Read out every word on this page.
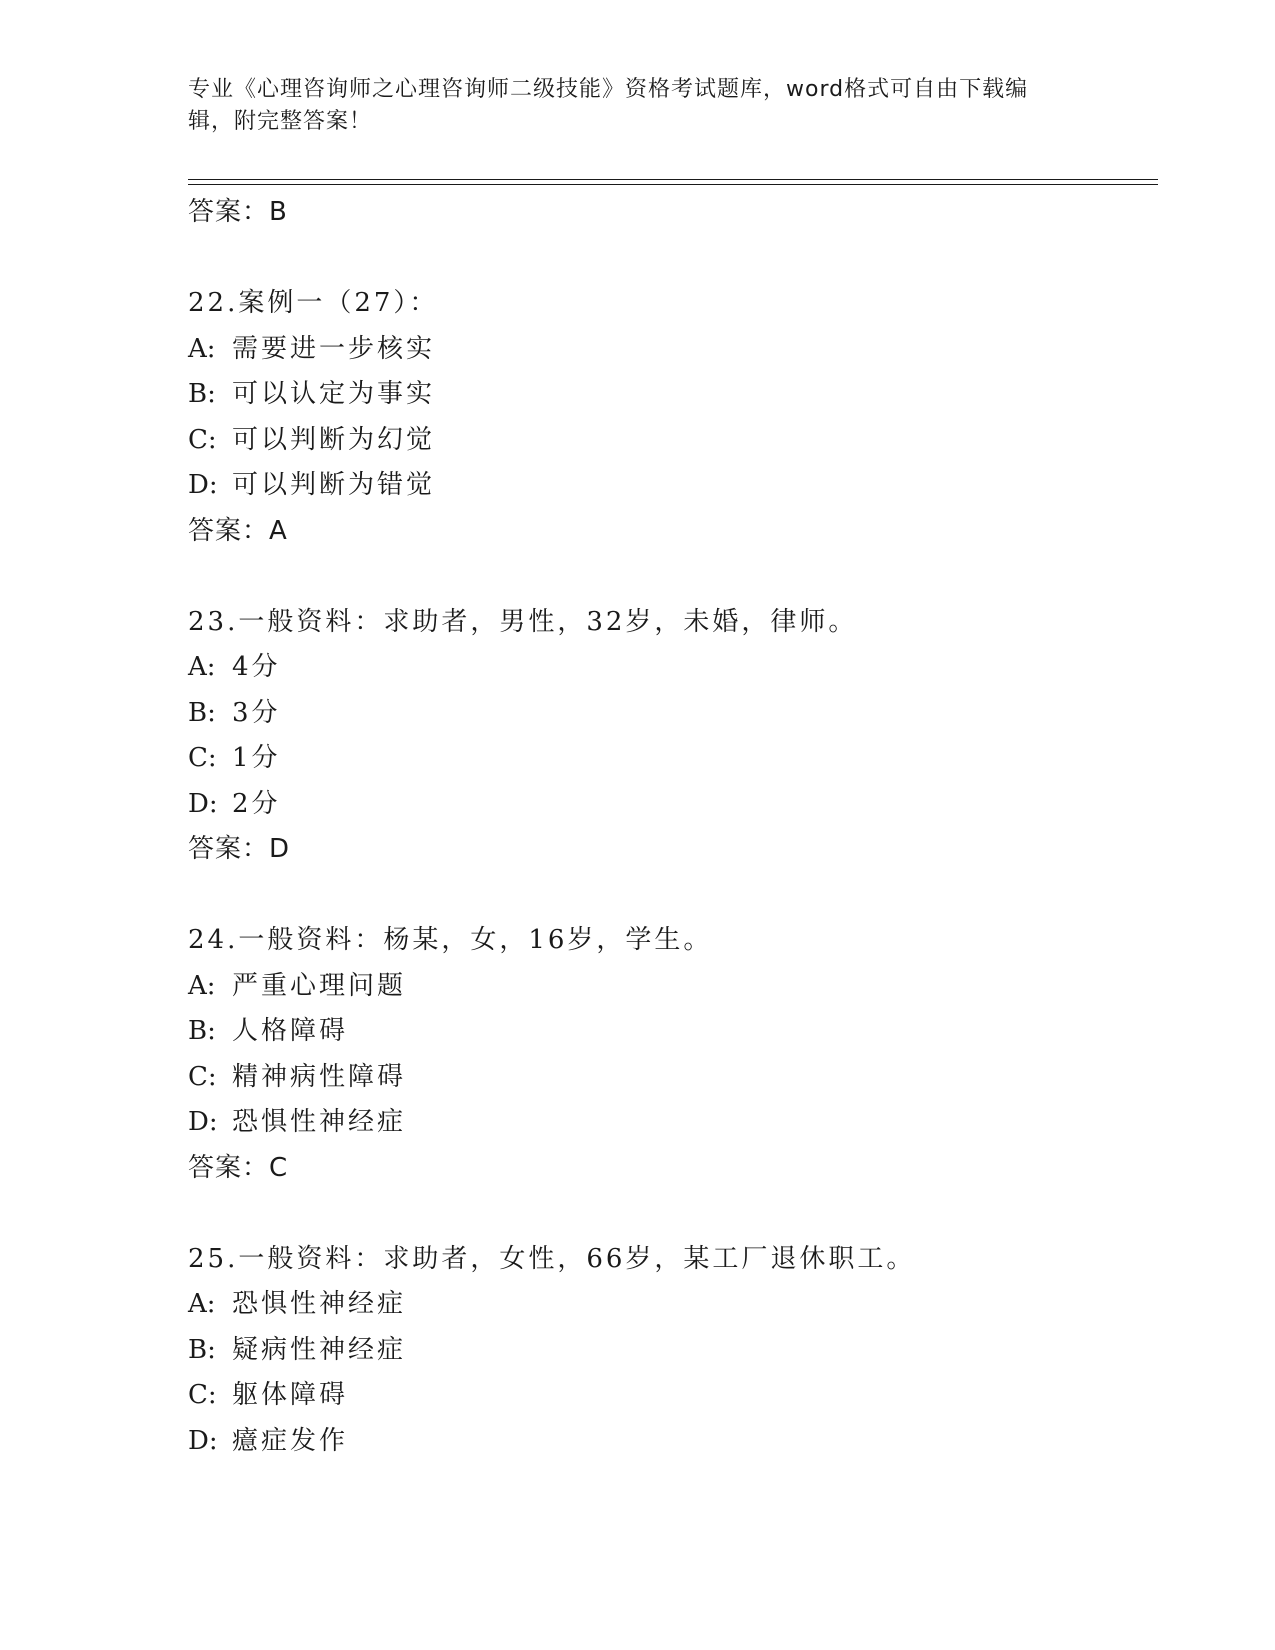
专业《心理咨询师之心理咨询师二级技能》资格考试题库，word格式可自由下载编辑，附完整答案！
答案：B
22.案例一（27）：
A: 需要进一步核实
B: 可以认定为事实
C: 可以判断为幻觉
D: 可以判断为错觉
答案：A
23.一般资料：求助者，男性，32岁，未婚，律师。
A: 4分
B: 3分
C: 1分
D: 2分
答案：D
24.一般资料：杨某，女，16岁，学生。
A: 严重心理问题
B: 人格障碍
C: 精神病性障碍
D: 恐惧性神经症
答案：C
25.一般资料：求助者，女性，66岁，某工厂退休职工。
A: 恐惧性神经症
B: 疑病性神经症
C: 躯体障碍
D: 癔症发作
